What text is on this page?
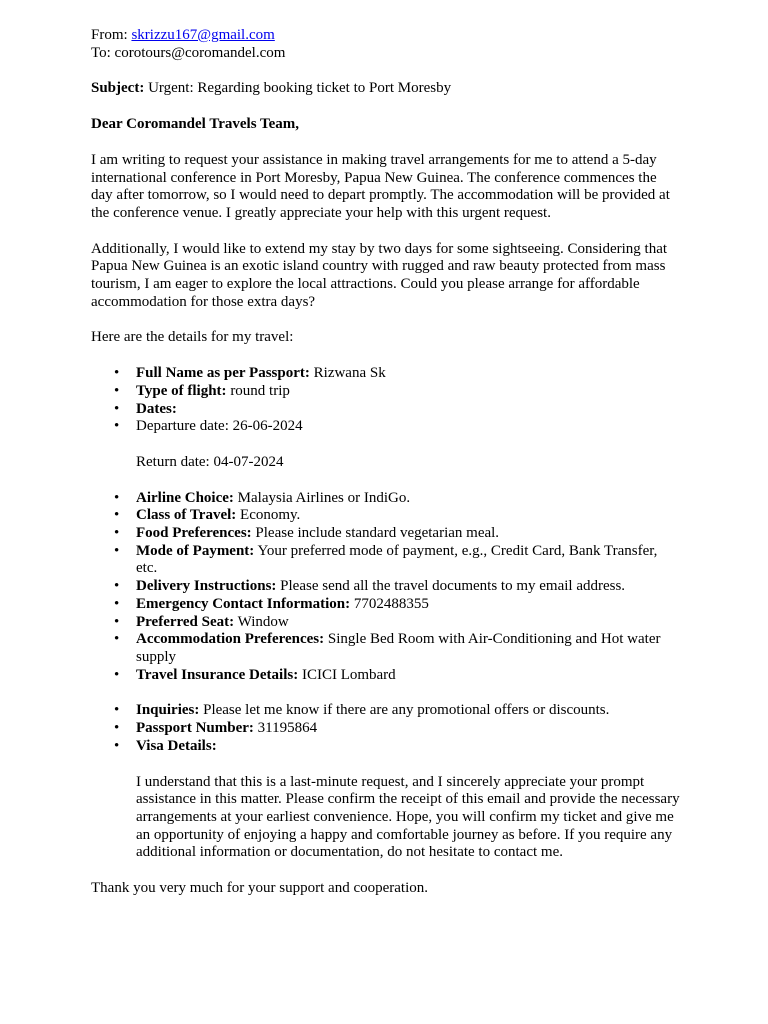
From: skrizzu167@gmail.com

To: corotours@coromandel.com

Subject: Urgent: Regarding booking ticket to Port Moresby

Dear Coromandel Travels Team,

I am writing to request your assistance in making travel arrangements for me to attend a 5-day international conference in Port Moresby, Papua New Guinea. The conference commences the day after tomorrow, so I would need to depart promptly. The accommodation will be provided at the conference venue. I greatly appreciate your help with this urgent request.

Additionally, I would like to extend my stay by two days for some sightseeing. Considering that Papua New Guinea is an exotic island country with rugged and raw beauty protected from mass tourism, I am eager to explore the local attractions. Could you please arrange for affordable accommodation for those extra days?

Here are the details for my travel:

• Full Name as per Passport: Rizwana Sk
• Type of flight: round trip
• Dates:
• Departure date: 26-06-2024

Return date: 04-07-2024

• Airline Choice: Malaysia Airlines or IndiGo.
• Class of Travel: Economy.
• Food Preferences: Please include standard vegetarian meal.
• Mode of Payment: Your preferred mode of payment, e.g., Credit Card, Bank Transfer, etc.
• Delivery Instructions: Please send all the travel documents to my email address.
• Emergency Contact Information: 7702488355
• Preferred Seat: Window
• Accommodation Preferences: Single Bed Room with Air-Conditioning and Hot water supply
• Travel Insurance Details: ICICI Lombard
• Inquiries: Please let me know if there are any promotional offers or discounts.
• Passport Number: 31195864
• Visa Details:

I understand that this is a last-minute request, and I sincerely appreciate your prompt assistance in this matter. Please confirm the receipt of this email and provide the necessary arrangements at your earliest convenience. Hope, you will confirm my ticket and give me an opportunity of enjoying a happy and comfortable journey as before. If you require any additional information or documentation, do not hesitate to contact me.

Thank you very much for your support and cooperation.
